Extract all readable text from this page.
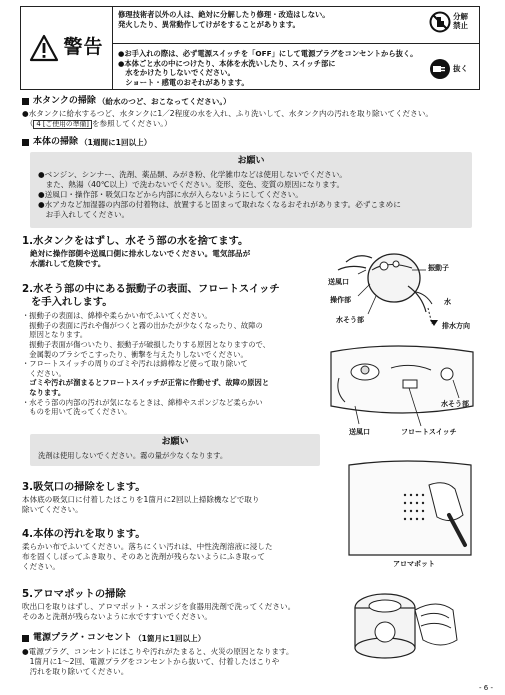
警告
修理技術者以外の人は、絶対に分解したり修理・改造はしない。
発火したり、異常動作してけがをすることがあります。
分解禁止
●お手入れの際は、必ず電源スイッチを「OFF」にして電源プラグをコンセントから抜く。
●本体ごと水の中につけたり、本体を水洗いしたり、スイッチ部に
　水をかけたりしないでください。
　ショート・感電のおそれがあります。
抜く
水タンクの掃除 （給水のつど、おこなってください。）
●水タンクに給水するつど、水タンクに1／2程度の水を入れ、ふり洗いして、水タンク内の汚れを取り除いてください。
　（ 4 [ご使用の準備] を参照してください。）
本体の掃除 （1週間に1回以上）
お願い
●ベンジン、シンナー、洗剤、薬品類、みがき粉、化学雑巾などは使用しないでください。
　また、熱湯（40℃以上）で洗わないでください。変形、変色、変質の原因になります。
●送風口・操作部・吸気口などから内部に水が入らないようにしてください。
●水アカなど加湿器の内部の付着物は、放置すると固まって取れなくなるおそれがあります。必ずこまめに
　お手入れしてください。
1.水タンクをはずし、水そう部の水を捨てます。
絶対に操作部側や送風口側に排水しないでください。電気部品が
水濡れして危険です。
2.水そう部の中にある振動子の表面、フロートスイッチ
を手入れします。
・振動子の表面は、綿棒や柔らかい布でふいてください。
　振動子の表面に汚れや傷がつくと霧の出かたが少なくなったり、故障の
　原因となります。
　振動子表面が傷ついたり、振動子が破損したりする原因となりますので、
　金属製のブラシでこすったり、衝撃を与えたりしないでください。
・フロートスイッチの周りのゴミや汚れは綿棒など使って取り除いて
　ください。
　ゴミや汚れが溜まるとフロートスイッチが正常に作動せず、故障の原因と
　なります。
・水そう部の内部の汚れが気になるときは、綿棒やスポンジなど柔らかい
　ものを用いて洗ってください。
お願い
洗剤は使用しないでください。霧の量が少なくなります。
3.吸気口の掃除をします。
本体底の吸気口に付着したほこりを1箇月に2回以上掃除機などで取り
除いてください。
4.本体の汚れを取ります。
柔らかい布でふいてください。落ちにくい汚れは、中性洗剤溶液に浸した
布を固くしぼってふき取り、そのあと洗剤が残らないようにふき取って
ください。
5.アロマポットの掃除
吹出口を取りはずし、アロマポット・スポンジを食器用洗剤で洗ってください。
そのあと洗剤が残らないように水ですすいでください。
電源プラグ・コンセント （1箇月に1回以上）
●電源プラグ、コンセントにほこりや汚れがたまると、火災の原因となります。
　1箇月に1～2回、電源プラグをコンセントから抜いて、付着したほこりや
　汚れを取り除いてください。
送風口
操作部
水そう部
振動子
水
排水方向
水そう部
送風口	フロートスイッチ
アロマポット
- 6 -
